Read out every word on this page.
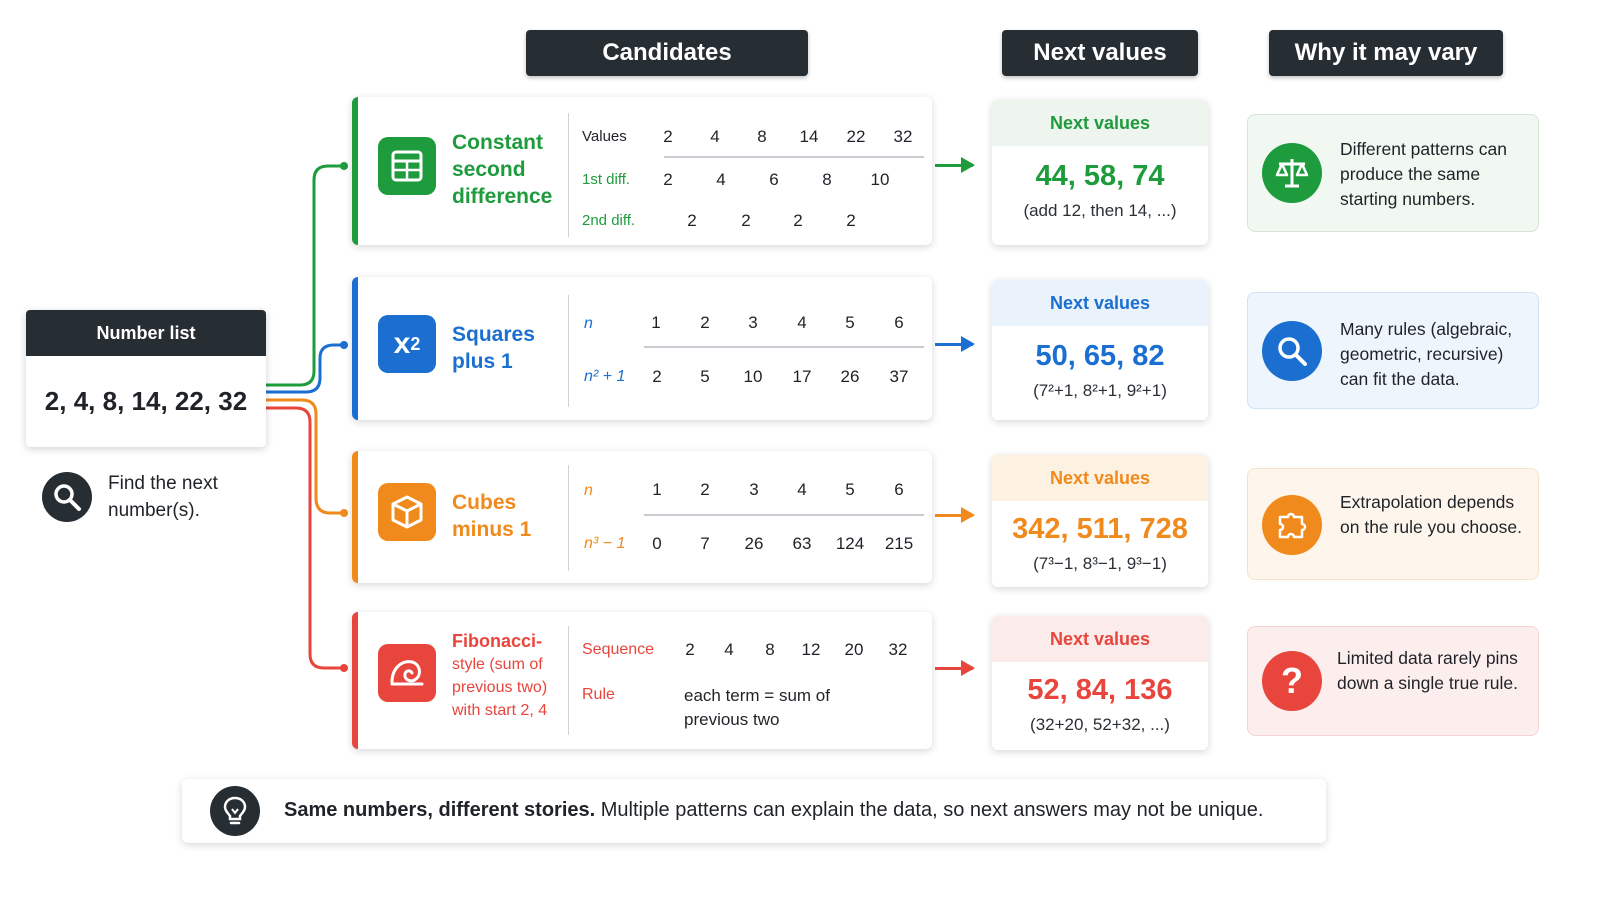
Candidates	Next values	Why it may vary
Number list
2, 4, 8, 14, 22, 32
Find the next number(s).
Constant second difference
Values	2	4	8	14	22	32
1st diff.	2	4	6	8	10
2nd diff.	2	2	2	2
x 2 Squares plus 1
n	1	2	3	4	5	6
n² + 1	2	5	10	17	26	37
Cubes minus 1
n	1	2	3	4	5	6
n³ − 1	0	7	26	63	124	215
Fibonacci-
style (sum of
previous two)
with start 2, 4
Sequence	2	4	8	12	20	32
Rule	each term = sum of previous two
Next values
44, 58, 74
(add 12, then 14, ...)
Next values
50, 65, 82
(7²+1, 8²+1, 9²+1)
Next values
342, 511, 728
(7³−1, 8³−1, 9³−1)
Next values
52, 84, 136
(32+20, 52+32, ...)
Different patterns can produce the same starting numbers.
Many rules (algebraic, geometric, recursive) can fit the data.
Extrapolation depends on the rule you choose.
?
Limited data rarely pins down a single true rule.
Same numbers, different stories. Multiple patterns can explain the data, so next answers may not be unique.
